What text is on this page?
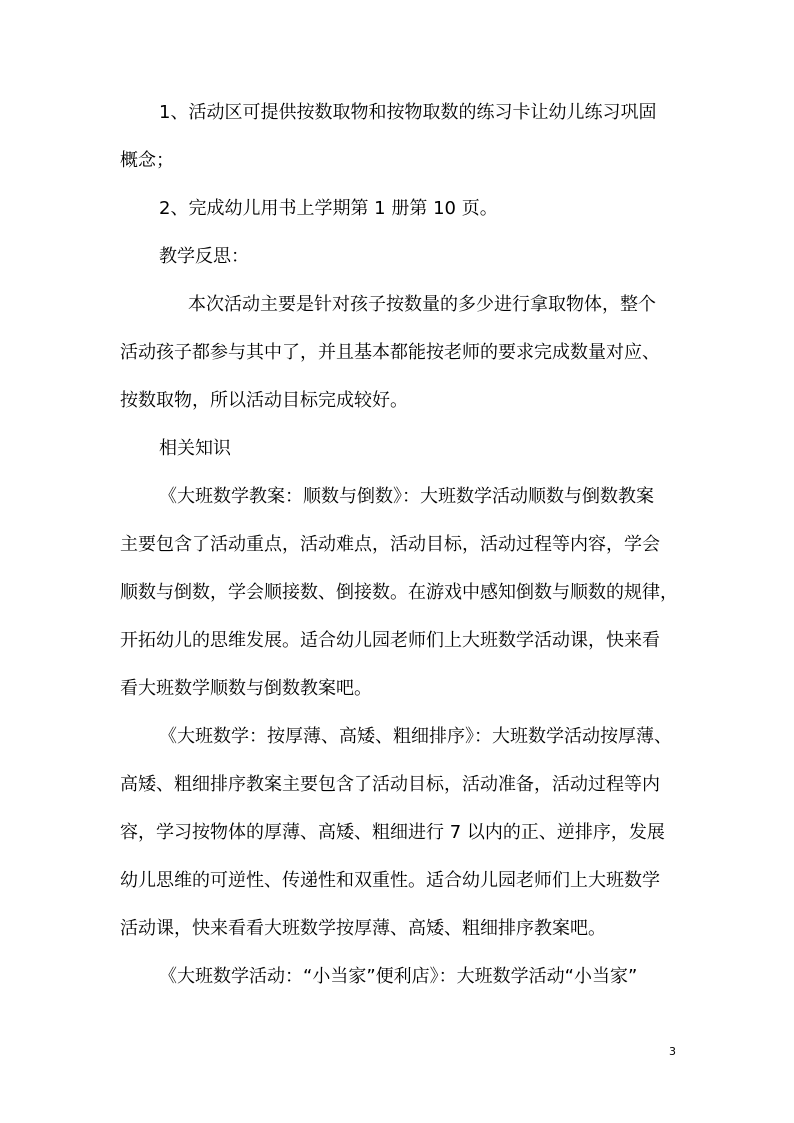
1、活动区可提供按数取物和按物取数的练习卡让幼儿练习巩固
概念；
2、完成幼儿用书上学期第 1 册第 10 页。
教学反思：
本次活动主要是针对孩子按数量的多少进行拿取物体，整个
活动孩子都参与其中了，并且基本都能按老师的要求完成数量对应、
按数取物，所以活动目标完成较好。
相关知识
《大班数学教案：顺数与倒数》：大班数学活动顺数与倒数教案
主要包含了活动重点，活动难点，活动目标，活动过程等内容，学会
顺数与倒数，学会顺接数、倒接数。在游戏中感知倒数与顺数的规律，
开拓幼儿的思维发展。适合幼儿园老师们上大班数学活动课，快来看
看大班数学顺数与倒数教案吧。
《大班数学：按厚薄、高矮、粗细排序》：大班数学活动按厚薄、
高矮、粗细排序教案主要包含了活动目标，活动准备，活动过程等内
容，学习按物体的厚薄、高矮、粗细进行 7 以内的正、逆排序，发展
幼儿思维的可逆性、传递性和双重性。适合幼儿园老师们上大班数学
活动课，快来看看大班数学按厚薄、高矮、粗细排序教案吧。
《大班数学活动：“小当家”便利店》：大班数学活动“小当家”
3
